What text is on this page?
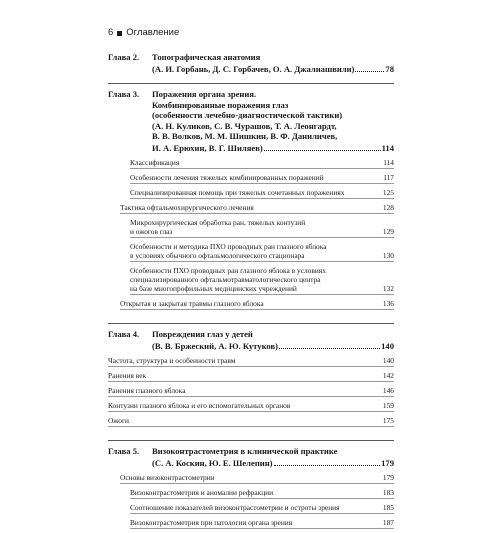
6 Оглавление
Глава 2.	Топографическая анатомия
(А. И. Горбань, Д. С. Горбачев, О. А. Джалиашвили)	78
Глава 3.	Поражения органа зрения.
Комбинированные поражения глаз
(особенности лечебно-диагностической тактики)
(А. Н. Куликов, С. В. Чурашов, Т. А. Леонгардт,
В. В. Волков, М. М. Шишкин, В. Ф. Даниличев,
И. А. Ерюхин, В. Г. Шиляев)	114
Классификация	114
Особенности лечения тяжелых комбинированных поражений	117
Специализированная помощь при тяжелых сочетанных поражениях	125
Тактика офтальмохирургического лечения	128
Микрохирургическая обработка ран, тяжелых контузий
и ожогов глаз	129
Особенности и методика ПХО проводных ран глазного яблока
в условиях обычного офтальмологического стационара	130
Особенности ПХО проводных ран глазного яблока в условиях
специализированного офтальмотравматологического центра
на базе многопрофильных медицинских учреждений	132
Открытая и закрытая травмы глазного яблока	136
Глава 4.	Повреждения глаз у детей
(В. В. Бржеский, А. Ю. Кутуков)	140
Частота, структура и особенности травм	140
Ранения век	142
Ранения глазного яблока	146
Контузии глазного яблока и его вспомогательных органов	159
Ожоги	175
Глава 5.	Визоконтрастометрия в клинической практике
(С. А. Коскин, Ю. Е. Шелепин)	179
Основы визоконтрастометрии	179
Визоконтрастометрия и аномалии рефракции	183
Соотношение показателей визоконтрастометрии и остроты зрения	185
Визоконтрастометрия при патологии органа зрения	187
